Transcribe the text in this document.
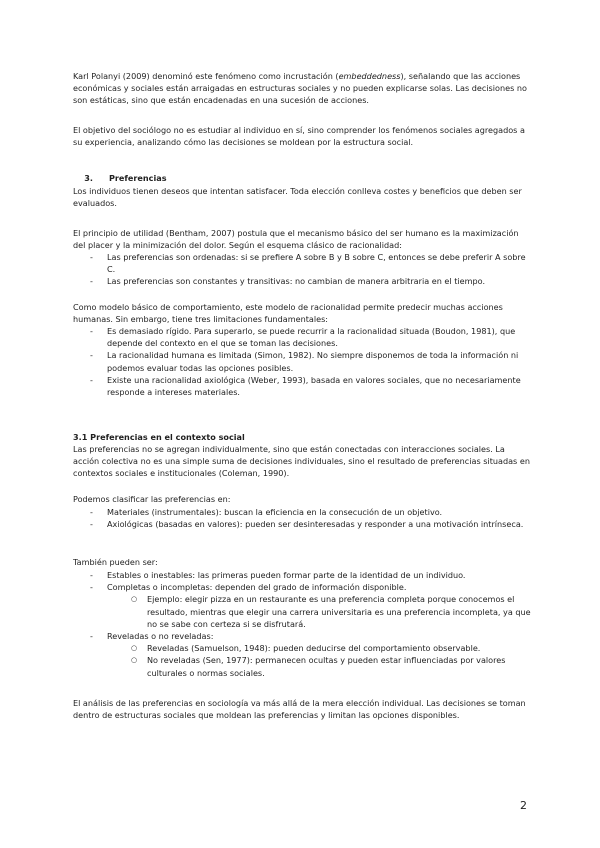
Karl Polanyi (2009) denominó este fenómeno como incrustación (embeddedness), señalando que las acciones económicas y sociales están arraigadas en estructuras sociales y no pueden explicarse solas. Las decisiones no son estáticas, sino que están encadenadas en una sucesión de acciones.

El objetivo del sociólogo no es estudiar al individuo en sí, sino comprender los fenómenos sociales agregados a su experiencia, analizando cómo las decisiones se moldean por la estructura social.

3. Preferencias

Los individuos tienen deseos que intentan satisfacer. Toda elección conlleva costes y beneficios que deben ser evaluados.

El principio de utilidad (Bentham, 2007) postula que el mecanismo básico del ser humano es la maximización del placer y la minimización del dolor. Según el esquema clásico de racionalidad:

- Las preferencias son ordenadas: si se prefiere A sobre B y B sobre C, entonces se debe preferir A sobre C.
- Las preferencias son constantes y transitivas: no cambian de manera arbitraria en el tiempo.

Como modelo básico de comportamiento, este modelo de racionalidad permite predecir muchas acciones humanas. Sin embargo, tiene tres limitaciones fundamentales:

- Es demasiado rígido. Para superarlo, se puede recurrir a la racionalidad situada (Boudon, 1981), que depende del contexto en el que se toman las decisiones.
- La racionalidad humana es limitada (Simon, 1982). No siempre disponemos de toda la información ni podemos evaluar todas las opciones posibles.
- Existe una racionalidad axiológica (Weber, 1993), basada en valores sociales, que no necesariamente responde a intereses materiales.

3.1 Preferencias en el contexto social

Las preferencias no se agregan individualmente, sino que están conectadas con interacciones sociales. La acción colectiva no es una simple suma de decisiones individuales, sino el resultado de preferencias situadas en contextos sociales e institucionales (Coleman, 1990).

Podemos clasificar las preferencias en:

- Materiales (instrumentales): buscan la eficiencia en la consecución de un objetivo.
- Axiológicas (basadas en valores): pueden ser desinteresadas y responder a una motivación intrínseca.

También pueden ser:

- Estables o inestables: las primeras pueden formar parte de la identidad de un individuo.
- Completas o incompletas: dependen del grado de información disponible.
○ Ejemplo: elegir pizza en un restaurante es una preferencia completa porque conocemos el resultado, mientras que elegir una carrera universitaria es una preferencia incompleta, ya que no se sabe con certeza si se disfrutará.
- Reveladas o no reveladas:
○ Reveladas (Samuelson, 1948): pueden deducirse del comportamiento observable.
○ No reveladas (Sen, 1977): permanecen ocultas y pueden estar influenciadas por valores culturales o normas sociales.

El análisis de las preferencias en sociología va más allá de la mera elección individual. Las decisiones se toman dentro de estructuras sociales que moldean las preferencias y limitan las opciones disponibles.

2
